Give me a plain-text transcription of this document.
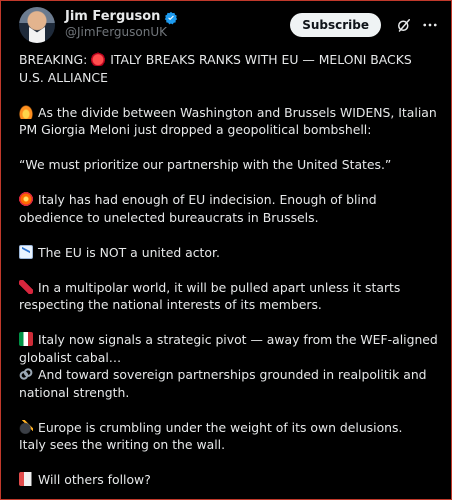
Jim Ferguson
@JimFergusonUK
Subscribe

BREAKING: ITALY BREAKS RANKS WITH EU — MELONI BACKS U.S. ALLIANCE

As the divide between Washington and Brussels WIDENS, Italian PM Giorgia Meloni just dropped a geopolitical bombshell:

“We must prioritize our partnership with the United States.”

Italy has had enough of EU indecision. Enough of blind obedience to unelected bureaucrats in Brussels.

The EU is NOT a united actor.

In a multipolar world, it will be pulled apart unless it starts respecting the national interests of its members.

Italy now signals a strategic pivot — away from the WEF-aligned globalist cabal…
And toward sovereign partnerships grounded in realpolitik and national strength.

Europe is crumbling under the weight of its own delusions.
Italy sees the writing on the wall.

Will others follow?
